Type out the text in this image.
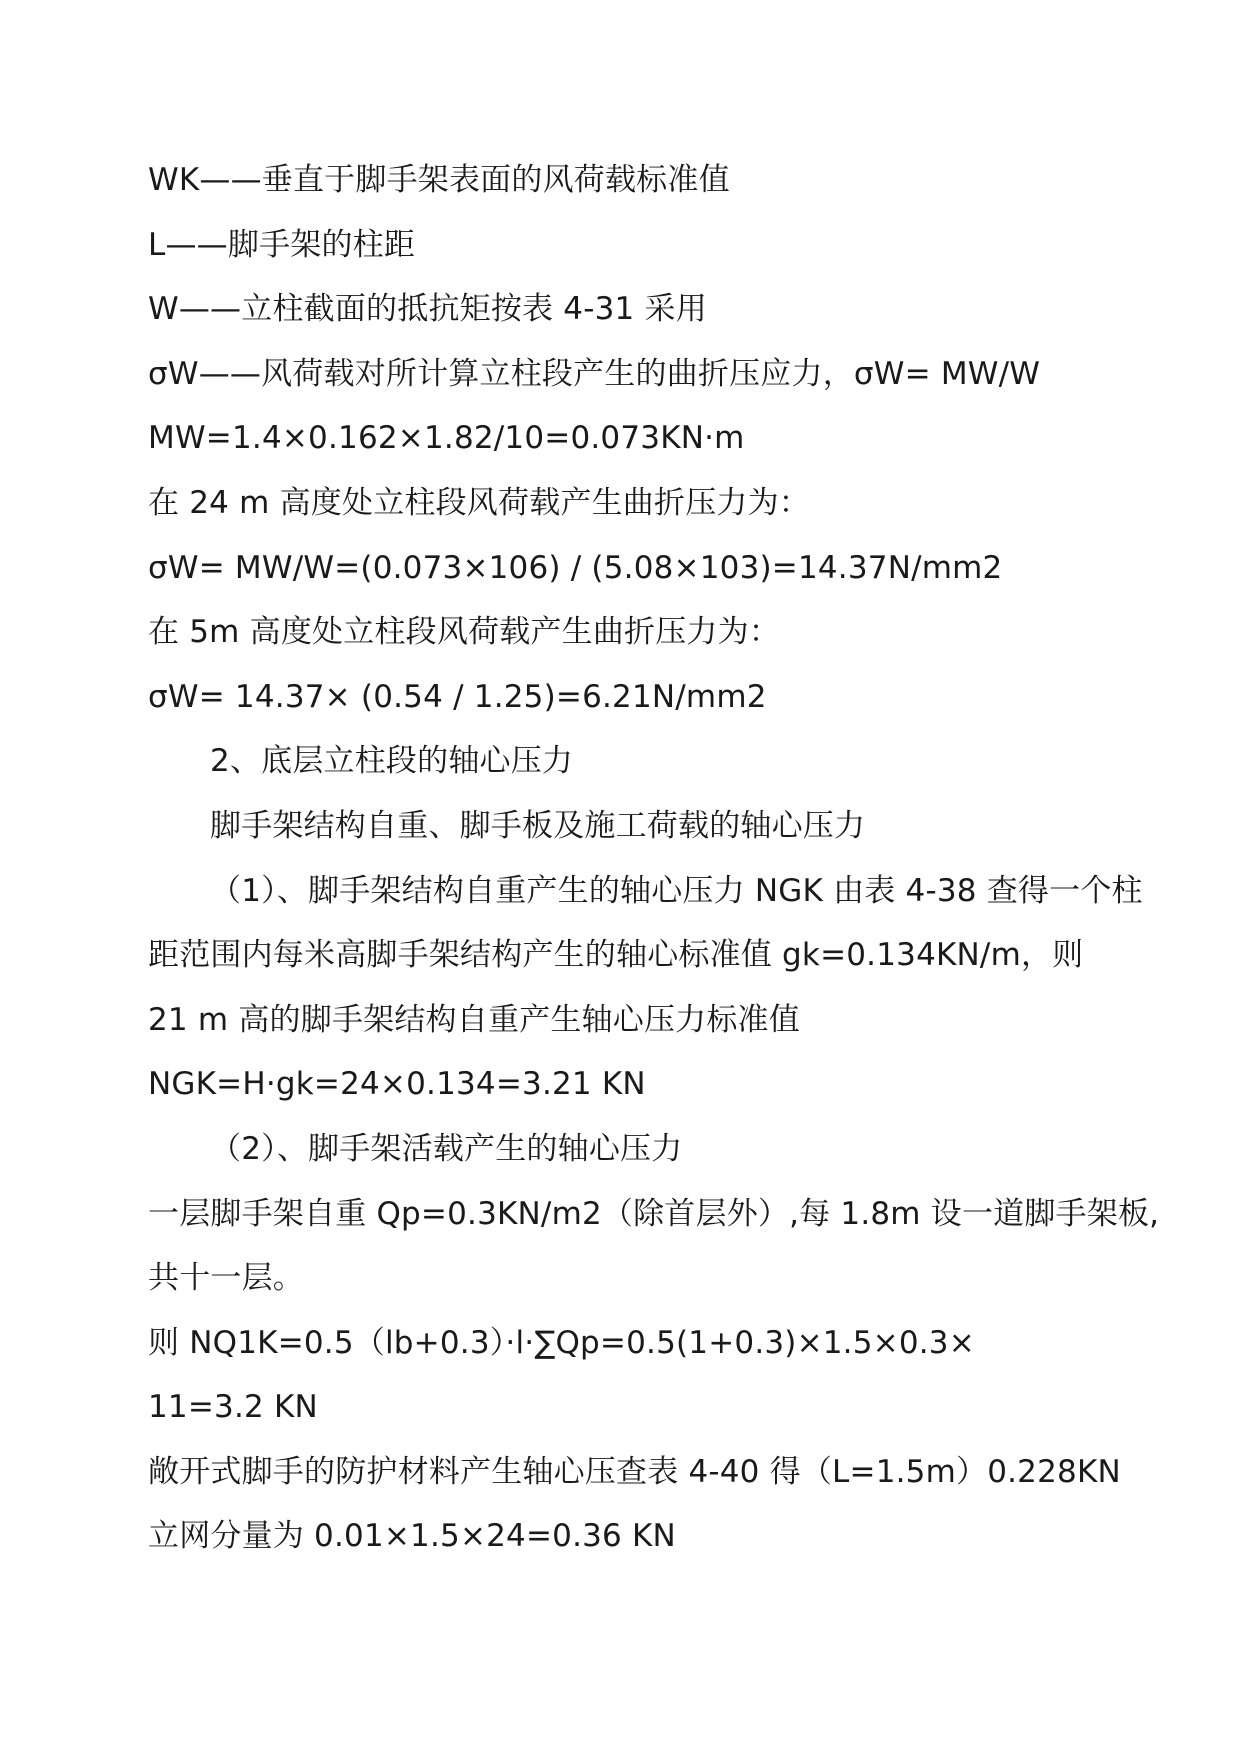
WK——垂直于脚手架表面的风荷载标准值
L——脚手架的柱距
W——立柱截面的抵抗矩按表 4-31 采用
σW——风荷载对所计算立柱段产生的曲折压应力，σW= MW/W
MW=1.4×0.162×1.82/10=0.073KN·m
在 24 m 高度处立柱段风荷载产生曲折压力为：
σW= MW/W=(0.073×106) / (5.08×103)=14.37N/mm2
在 5m 高度处立柱段风荷载产生曲折压力为：
σW= 14.37× (0.54 / 1.25)=6.21N/mm2
2、底层立柱段的轴心压力
脚手架结构自重、脚手板及施工荷载的轴心压力
（1）、脚手架结构自重产生的轴心压力 NGK 由表 4-38 查得一个柱
距范围内每米高脚手架结构产生的轴心标准值 gk=0.134KN/m，则
21 m 高的脚手架结构自重产生轴心压力标准值
NGK=H·gk=24×0.134=3.21 KN
（2）、脚手架活载产生的轴心压力
一层脚手架自重 Qp=0.3KN/m2（除首层外）,每 1.8m 设一道脚手架板,
共十一层。
则 NQ1K=0.5（lb+0.3）·l·∑Qp=0.5(1+0.3)×1.5×0.3×
11=3.2 KN
敞开式脚手的防护材料产生轴心压查表 4-40 得（L=1.5m）0.228KN
立网分量为 0.01×1.5×24=0.36 KN
